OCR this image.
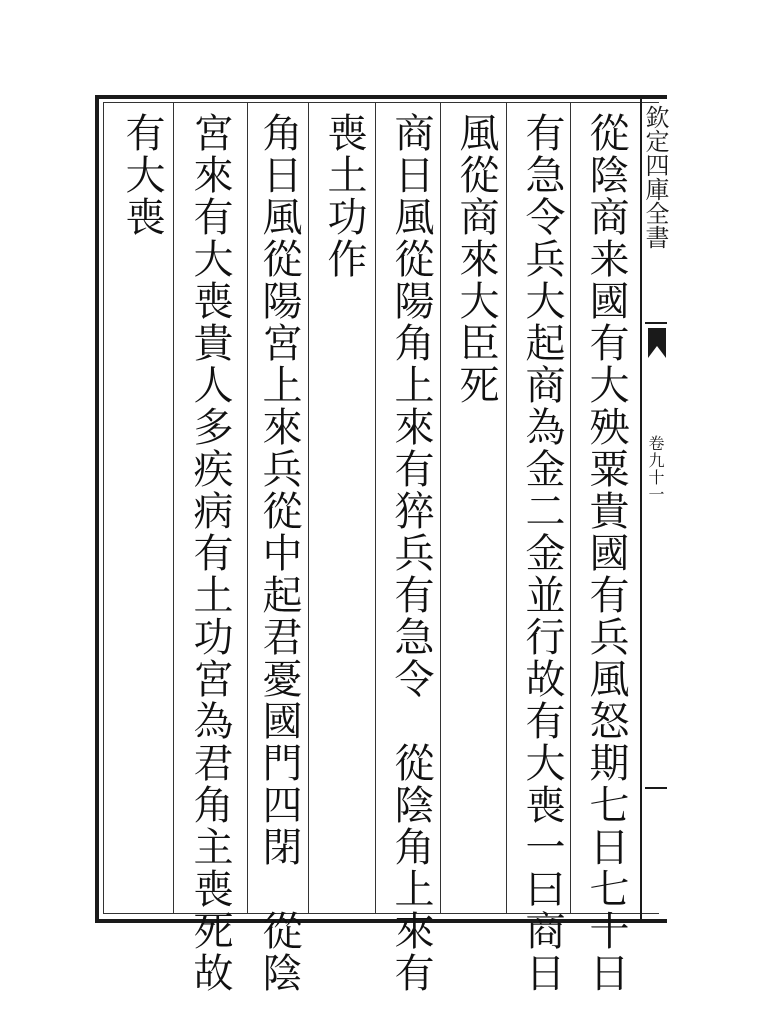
欽定四庫全書
卷九十一
從陰商来國有大殃粟貴國有兵風怒期七日七十日
有急令兵大起商為金二金並行故有大喪一曰商日
風從商來大臣死
商日風從陽角上來有猝兵有急令　從陰角上來有
喪土功作
角日風從陽宮上來兵從中起君憂國門四閉　從陰
宮來有大喪貴人多疾病有土功宮為君角主喪死故
有大喪
